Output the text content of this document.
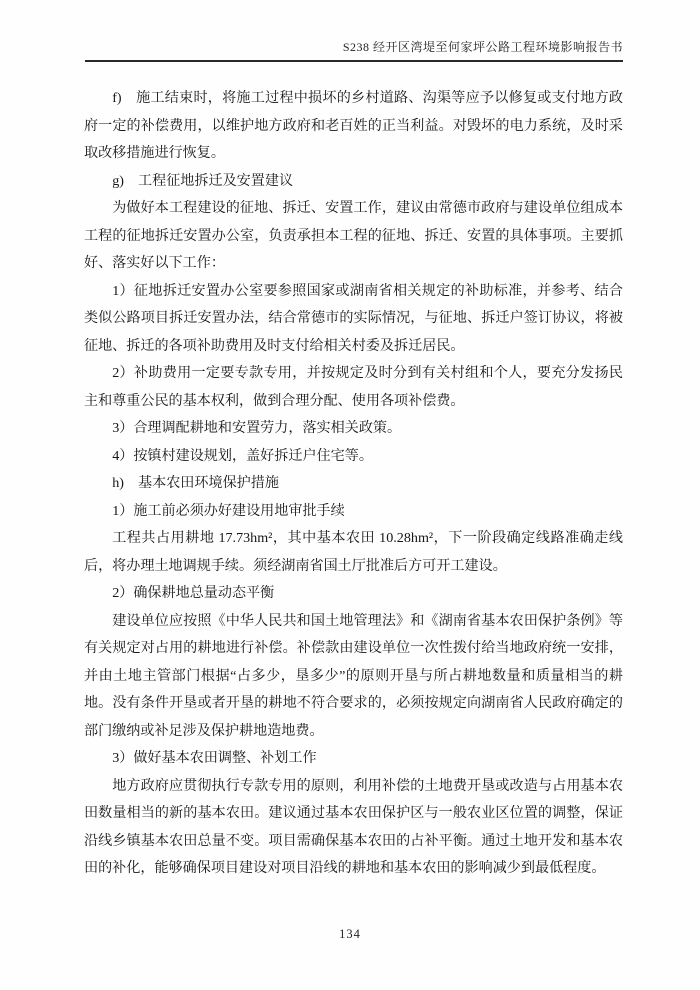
S238 经开区湾堤至何家坪公路工程环境影响报告书

f)　施工结束时，将施工过程中损坏的乡村道路、沟渠等应予以修复或支付地方政府一定的补偿费用，以维护地方政府和老百姓的正当利益。对毁坏的电力系统，及时采取改移措施进行恢复。

g)　工程征地拆迁及安置建议

为做好本工程建设的征地、拆迁、安置工作，建议由常德市政府与建设单位组成本工程的征地拆迁安置办公室，负责承担本工程的征地、拆迁、安置的具体事项。主要抓好、落实好以下工作：

1）征地拆迁安置办公室要参照国家或湖南省相关规定的补助标准，并参考、结合类似公路项目拆迁安置办法，结合常德市的实际情况，与征地、拆迁户签订协议，将被征地、拆迁的各项补助费用及时支付给相关村委及拆迁居民。

2）补助费用一定要专款专用，并按规定及时分到有关村组和个人，要充分发扬民主和尊重公民的基本权利，做到合理分配、使用各项补偿费。

3）合理调配耕地和安置劳力，落实相关政策。

4）按镇村建设规划，盖好拆迁户住宅等。

h)　基本农田环境保护措施

1）施工前必须办好建设用地审批手续

工程共占用耕地 17.73hm²，其中基本农田 10.28hm²，下一阶段确定线路准确走线后，将办理土地调规手续。须经湖南省国土厅批准后方可开工建设。

2）确保耕地总量动态平衡

建设单位应按照《中华人民共和国土地管理法》和《湖南省基本农田保护条例》等有关规定对占用的耕地进行补偿。补偿款由建设单位一次性拨付给当地政府统一安排，并由土地主管部门根据“占多少，垦多少”的原则开垦与所占耕地数量和质量相当的耕地。没有条件开垦或者开垦的耕地不符合要求的，必须按规定向湖南省人民政府确定的部门缴纳或补足涉及保护耕地造地费。

3）做好基本农田调整、补划工作

地方政府应贯彻执行专款专用的原则，利用补偿的土地费开垦或改造与占用基本农田数量相当的新的基本农田。建议通过基本农田保护区与一般农业区位置的调整，保证沿线乡镇基本农田总量不变。项目需确保基本农田的占补平衡。通过土地开发和基本农田的补化，能够确保项目建设对项目沿线的耕地和基本农田的影响减少到最低程度。

134
